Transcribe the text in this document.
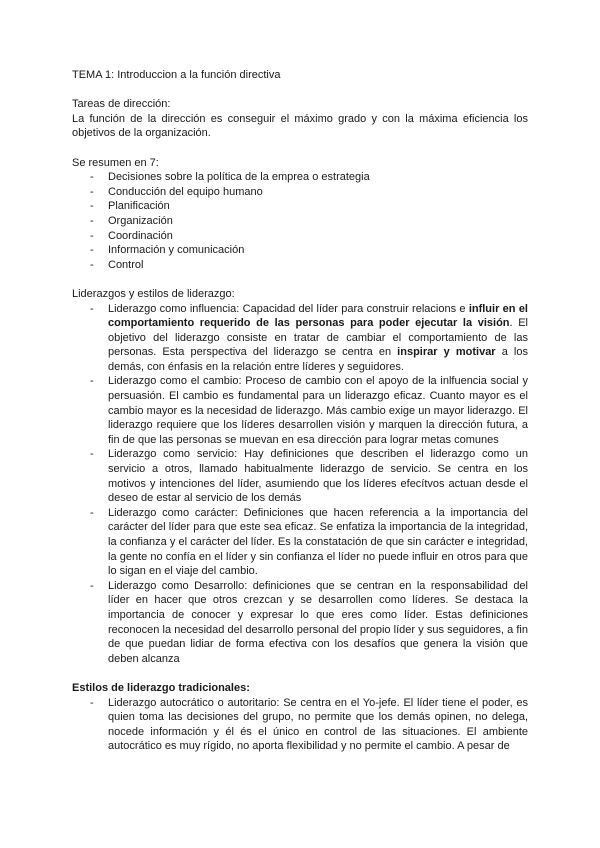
TEMA 1: Introduccion a la función directiva

Tareas de dirección:

La función de la dirección es conseguir el máximo grado y con la máxima eficiencia los objetivos de la organización.

Se resumen en 7:

- Decisiones sobre la política de la emprea o estrategia
- Conducción del equipo humano
- Planificación
- Organización
- Coordinación
- Información y comunicación
- Control

Liderazgos y estilos de liderazgo:

- Liderazgo como influencia: Capacidad del líder para construir relacions e influir en el comportamiento requerido de las personas para poder ejecutar la visión. El objetivo del liderazgo consiste en tratar de cambiar el comportamiento de las personas. Esta perspectiva del liderazgo se centra en inspirar y motivar a los demás, con énfasis en la relación entre líderes y seguidores.
- Liderazgo como el cambio: Proceso de cambio con el apoyo de la inlfuencia social y persuasión. El cambio es fundamental para un liderazgo eficaz. Cuanto mayor es el cambio mayor es la necesidad de liderazgo. Más cambio exige un mayor liderazgo. El liderazgo requiere que los líderes desarrollen visión y marquen la dirección futura, a fin de que las personas se muevan en esa dirección para lograr metas comunes
- Liderazgo como servicio: Hay definiciones que describen el liderazgo como un servicio a otros, llamado habitualmente liderazgo de servicio. Se centra en los motivos y intenciones del líder, asumiendo que los líderes efecítvos actuan desde el deseo de estar al servicio de los demás
- Liderazgo como carácter: Definiciones que hacen referencia a la importancia del carácter del líder para que este sea eficaz. Se enfatiza la importancia de la integridad, la confianza y el carácter del líder. Es la constatación de que sin carácter e integridad, la gente no confía en el líder y sin confianza el líder no puede influir en otros para que lo sigan en el viaje del cambio.
- Liderazgo como Desarrollo: definiciones que se centran en la responsabilidad del líder en hacer que otros crezcan y se desarrollen como líderes. Se destaca la importancia de conocer y expresar lo que eres como líder. Estas definiciones reconocen la necesidad del desarrollo personal del propio líder y sus seguidores, a fin de que puedan lidiar de forma efectiva con los desafíos que genera la visión que deben alcanza

Estilos de liderazgo tradicionales:

- Liderazgo autocrático o autoritario: Se centra en el Yo-jefe. El líder tiene el poder, es quien toma las decisiones del grupo, no permite que los demás opinen, no delega, nocede información y él és el único en control de las situaciones. El ambiente autocrático es muy rígido, no aporta flexibilidad y no permite el cambio. A pesar de
